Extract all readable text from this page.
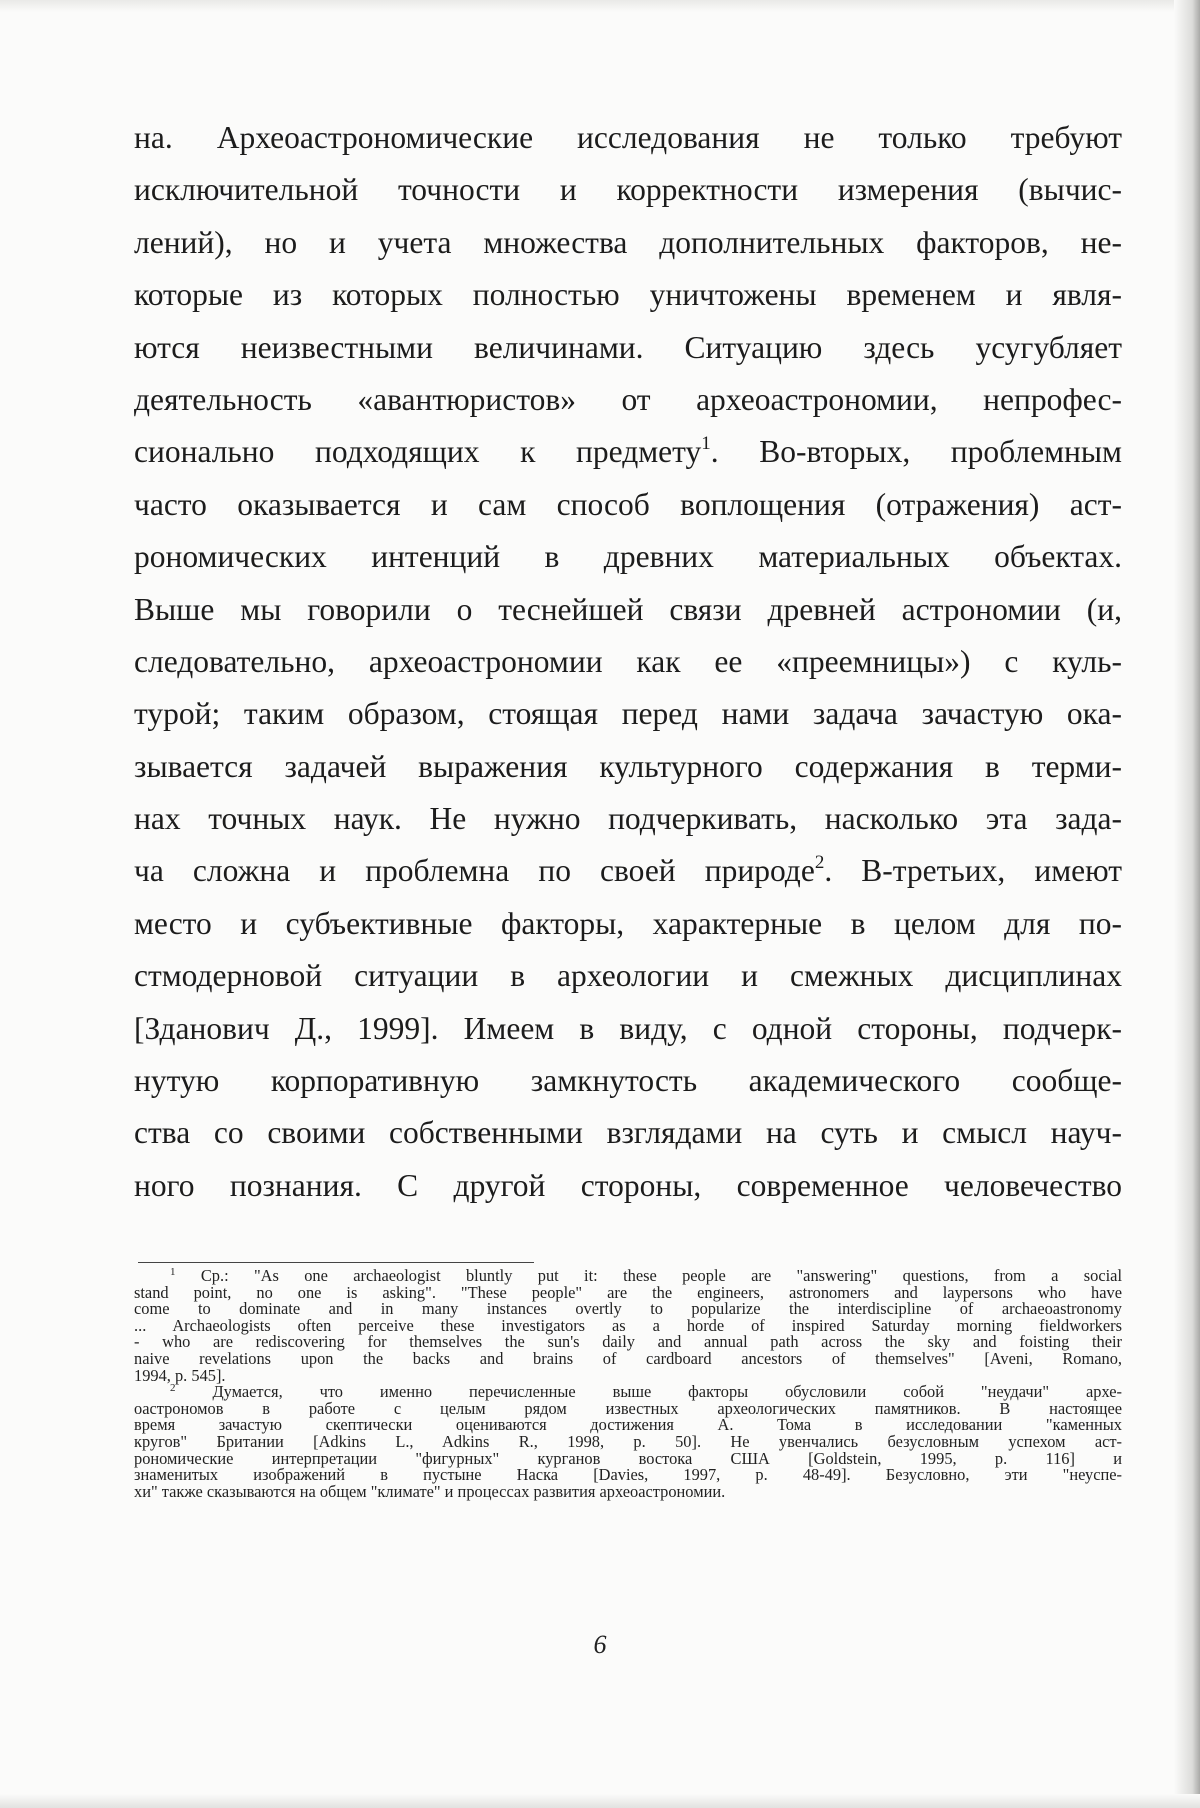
на. Археоастрономические исследования не только требуют
исключительной точности и корректности измерения (вычис-
лений), но и учета множества дополнительных факторов, не-
которые из которых полностью уничтожены временем и явля-
ются неизвестными величинами. Ситуацию здесь усугубляет
деятельность «авантюристов» от археоастрономии, непрофес-
сионально подходящих к предмету$^1$. Во-вторых, проблемным
часто оказывается и сам способ воплощения (отражения) аст-
рономических интенций в древних материальных объектах.
Выше мы говорили о теснейшей связи древней астрономии (и,
следовательно, археоастрономии как ее «преемницы») с куль-
турой; таким образом, стоящая перед нами задача зачастую ока-
зывается задачей выражения культурного содержания в терми-
нах точных наук. Не нужно подчеркивать, насколько эта зада-
ча сложна и проблемна по своей природе$^2$. В-третьих, имеют
место и субъективные факторы, характерные в целом для по-
стмодерновой ситуации в археологии и смежных дисциплинах
[Зданович Д., 1999]. Имеем в виду, с одной стороны, подчерк-
нутую корпоративную замкнутость академического сообще-
ства со своими собственными взглядами на суть и смысл науч-
ного познания. С другой стороны, современное человечество
$^1$ Ср.: "As one archaeologist bluntly put it: these people are "answering" questions, from a social
stand point, no one is asking". "These people" are the engineers, astronomers and laypersons who have
come to dominate and in many instances overtly to popularize the interdiscipline of archaeoastronomy
... Archaeologists often perceive these investigators as a horde of inspired Saturday morning fieldworkers
- who are rediscovering for themselves the sun's daily and annual path across the sky and foisting their
naive revelations upon the backs and brains of cardboard ancestors of themselves" [Aveni, Romano,
1994, p. 545].
$^2$ Думается, что именно перечисленные выше факторы обусловили собой "неудачи" архе-
оастрономов в работе с целым рядом известных археологических памятников. В настоящее
время зачастую скептически оцениваются достижения А. Тома в исследовании "каменных
кругов" Британии [Adkins L., Adkins R., 1998, p. 50]. Не увенчались безусловным успехом аст-
рономические интерпретации "фигурных" курганов востока США [Goldstein, 1995, p. 116] и
знаменитых изображений в пустыне Наска [Davies, 1997, p. 48-49]. Безусловно, эти "неуспе-
хи" также сказываются на общем "климате" и процессах развития археоастрономии.
6
